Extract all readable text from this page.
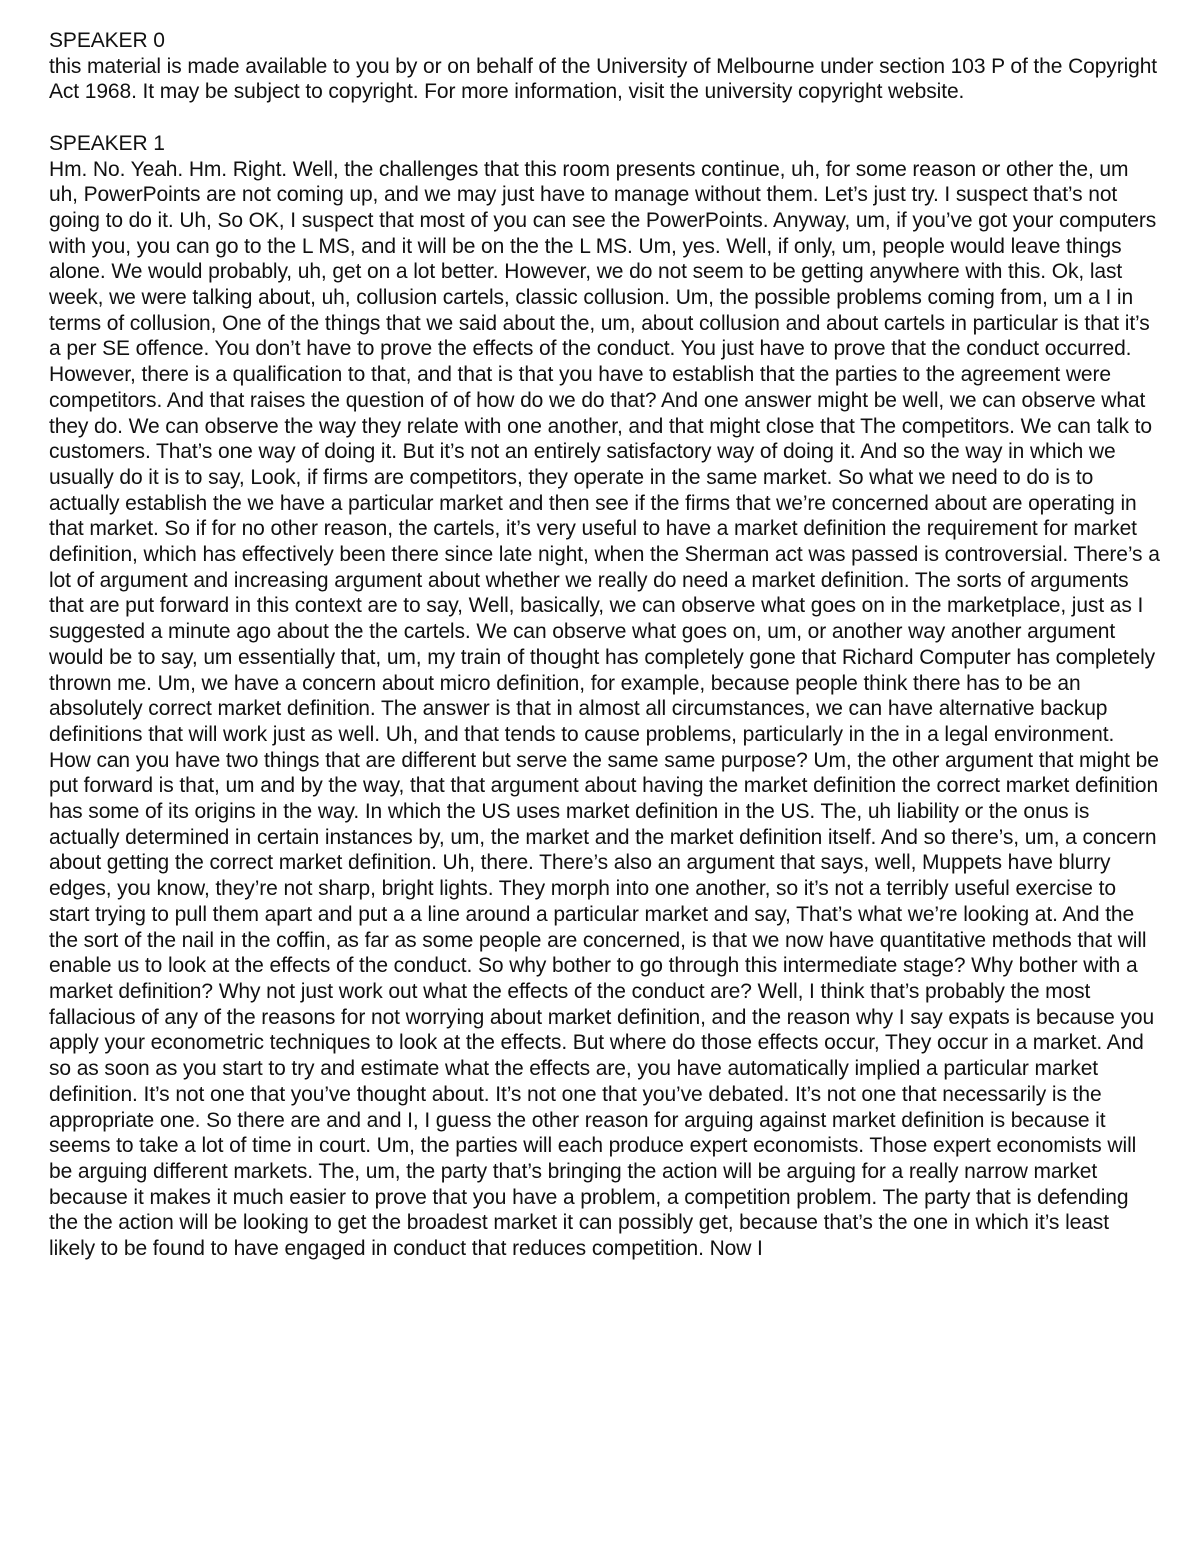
SPEAKER 0
this material is made available to you by or on behalf of the University of Melbourne under section 103 P of the Copyright Act 1968. It may be subject to copyright. For more information, visit the university copyright website.
SPEAKER 1
Hm. No. Yeah. Hm. Right. Well, the challenges that this room presents continue, uh, for some reason or other the, um uh, PowerPoints are not coming up, and we may just have to manage without them. Let’s just try. I suspect that’s not going to do it. Uh, So OK, I suspect that most of you can see the PowerPoints. Anyway, um, if you’ve got your computers with you, you can go to the L MS, and it will be on the the L MS. Um, yes. Well, if only, um, people would leave things alone. We would probably, uh, get on a lot better. However, we do not seem to be getting anywhere with this. Ok, last week, we were talking about, uh, collusion cartels, classic collusion. Um, the possible problems coming from, um a I in terms of collusion, One of the things that we said about the, um, about collusion and about cartels in particular is that it’s a per SE offence. You don’t have to prove the effects of the conduct. You just have to prove that the conduct occurred. However, there is a qualification to that, and that is that you have to establish that the parties to the agreement were competitors. And that raises the question of of how do we do that? And one answer might be well, we can observe what they do. We can observe the way they relate with one another, and that might close that The competitors. We can talk to customers. That’s one way of doing it. But it’s not an entirely satisfactory way of doing it. And so the way in which we usually do it is to say, Look, if firms are competitors, they operate in the same market. So what we need to do is to actually establish the we have a particular market and then see if the firms that we’re concerned about are operating in that market. So if for no other reason, the cartels, it’s very useful to have a market definition the requirement for market definition, which has effectively been there since late night, when the Sherman act was passed is controversial. There’s a lot of argument and increasing argument about whether we really do need a market definition. The sorts of arguments that are put forward in this context are to say, Well, basically, we can observe what goes on in the marketplace, just as I suggested a minute ago about the the cartels. We can observe what goes on, um, or another way another argument would be to say, um essentially that, um, my train of thought has completely gone that Richard Computer has completely thrown me. Um, we have a concern about micro definition, for example, because people think there has to be an absolutely correct market definition. The answer is that in almost all circumstances, we can have alternative backup definitions that will work just as well. Uh, and that tends to cause problems, particularly in the in a legal environment. How can you have two things that are different but serve the same same purpose? Um, the other argument that might be put forward is that, um and by the way, that that argument about having the market definition the correct market definition has some of its origins in the way. In which the US uses market definition in the US. The, uh liability or the onus is actually determined in certain instances by, um, the market and the market definition itself. And so there’s, um, a concern about getting the correct market definition. Uh, there. There’s also an argument that says, well, Muppets have blurry edges, you know, they’re not sharp, bright lights. They morph into one another, so it’s not a terribly useful exercise to start trying to pull them apart and put a a line around a particular market and say, That’s what we’re looking at. And the the sort of the nail in the coffin, as far as some people are concerned, is that we now have quantitative methods that will enable us to look at the effects of the conduct. So why bother to go through this intermediate stage? Why bother with a market definition? Why not just work out what the effects of the conduct are? Well, I think that’s probably the most fallacious of any of the reasons for not worrying about market definition, and the reason why I say expats is because you apply your econometric techniques to look at the effects. But where do those effects occur, They occur in a market. And so as soon as you start to try and estimate what the effects are, you have automatically implied a particular market definition. It’s not one that you’ve thought about. It’s not one that you’ve debated. It’s not one that necessarily is the appropriate one. So there are and and I, I guess the other reason for arguing against market definition is because it seems to take a lot of time in court. Um, the parties will each produce expert economists. Those expert economists will be arguing different markets. The, um, the party that’s bringing the action will be arguing for a really narrow market because it makes it much easier to prove that you have a problem, a competition problem. The party that is defending the the action will be looking to get the broadest market it can possibly get, because that’s the one in which it’s least likely to be found to have engaged in conduct that reduces competition. Now I
